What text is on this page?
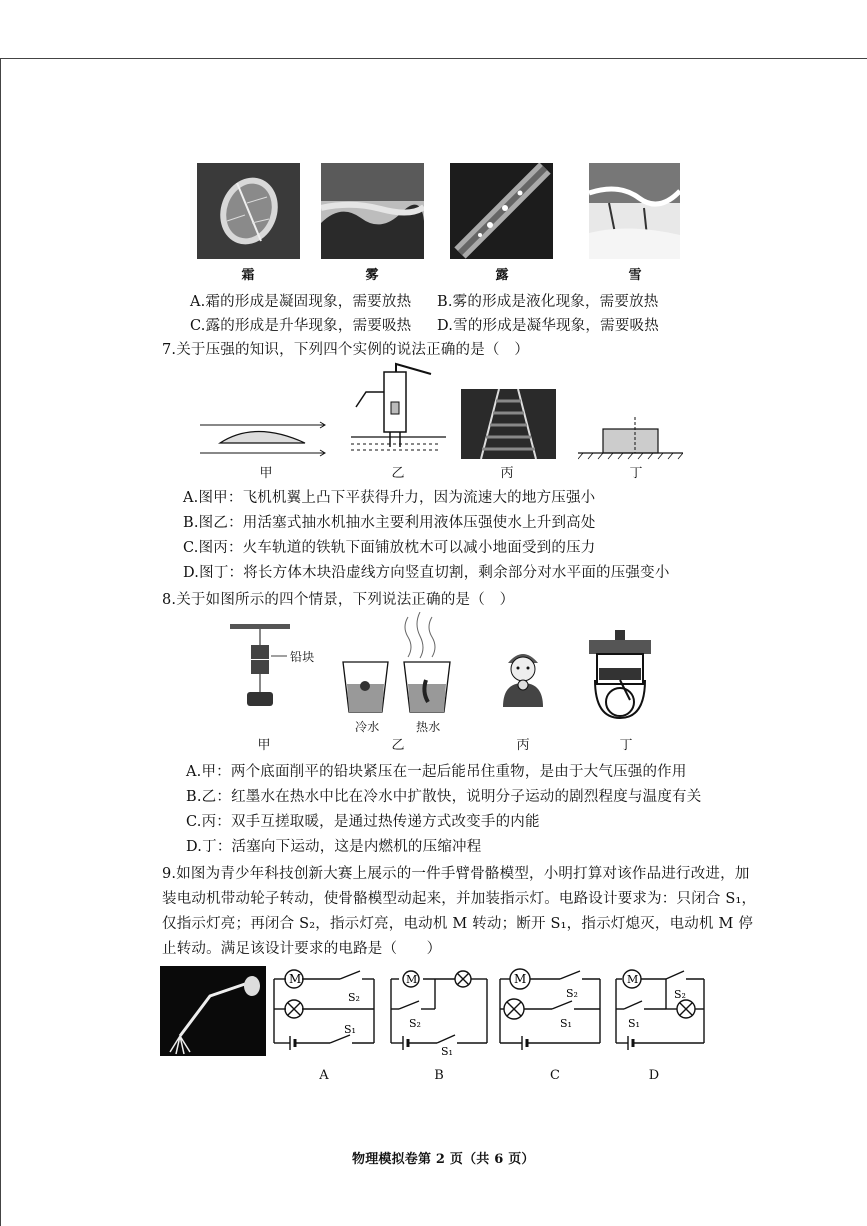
霜	雾	露	雪
A.霜的形成是凝固现象，需要放热 B.雾的形成是液化现象，需要放热
C.露的形成是升华现象，需要吸热 D.雪的形成是凝华现象，需要吸热
7.关于压强的知识，下列四个实例的说法正确的是（　）
甲	乙	丙	丁
A.图甲：飞机机翼上凸下平获得升力，因为流速大的地方压强小
B.图乙：用活塞式抽水机抽水主要利用液体压强使水上升到高处
C.图丙：火车轨道的铁轨下面铺放枕木可以减小地面受到的压力
D.图丁：将长方体木块沿虚线方向竖直切割，剩余部分对水平面的压强变小
8.关于如图所示的四个情景，下列说法正确的是（　）
铅块
冷水	热水
甲	乙	丙	丁
A.甲：两个底面削平的铅块紧压在一起后能吊住重物，是由于大气压强的作用
B.乙：红墨水在热水中比在冷水中扩散快，说明分子运动的剧烈程度与温度有关
C.丙：双手互搓取暖，是通过热传递方式改变手的内能
D.丁：活塞向下运动，这是内燃机的压缩冲程
9.如图为青少年科技创新大赛上展示的一件手臂骨骼模型，小明打算对该作品进行改进，加
装电动机带动轮子转动，使骨骼模型动起来，并加装指示灯。电路设计要求为：只闭合 S₁，
仅指示灯亮；再闭合 S₂，指示灯亮，电动机 M 转动；断开 S₁，指示灯熄灭，电动机 M 停
止转动。满足该设计要求的电路是（　　）
M
S₂
S₁
M
S₂
S₁
M
S₂
S₁
M
S₂
S₁
A	B	C	D
物理模拟卷第 2 页（共 6 页）
